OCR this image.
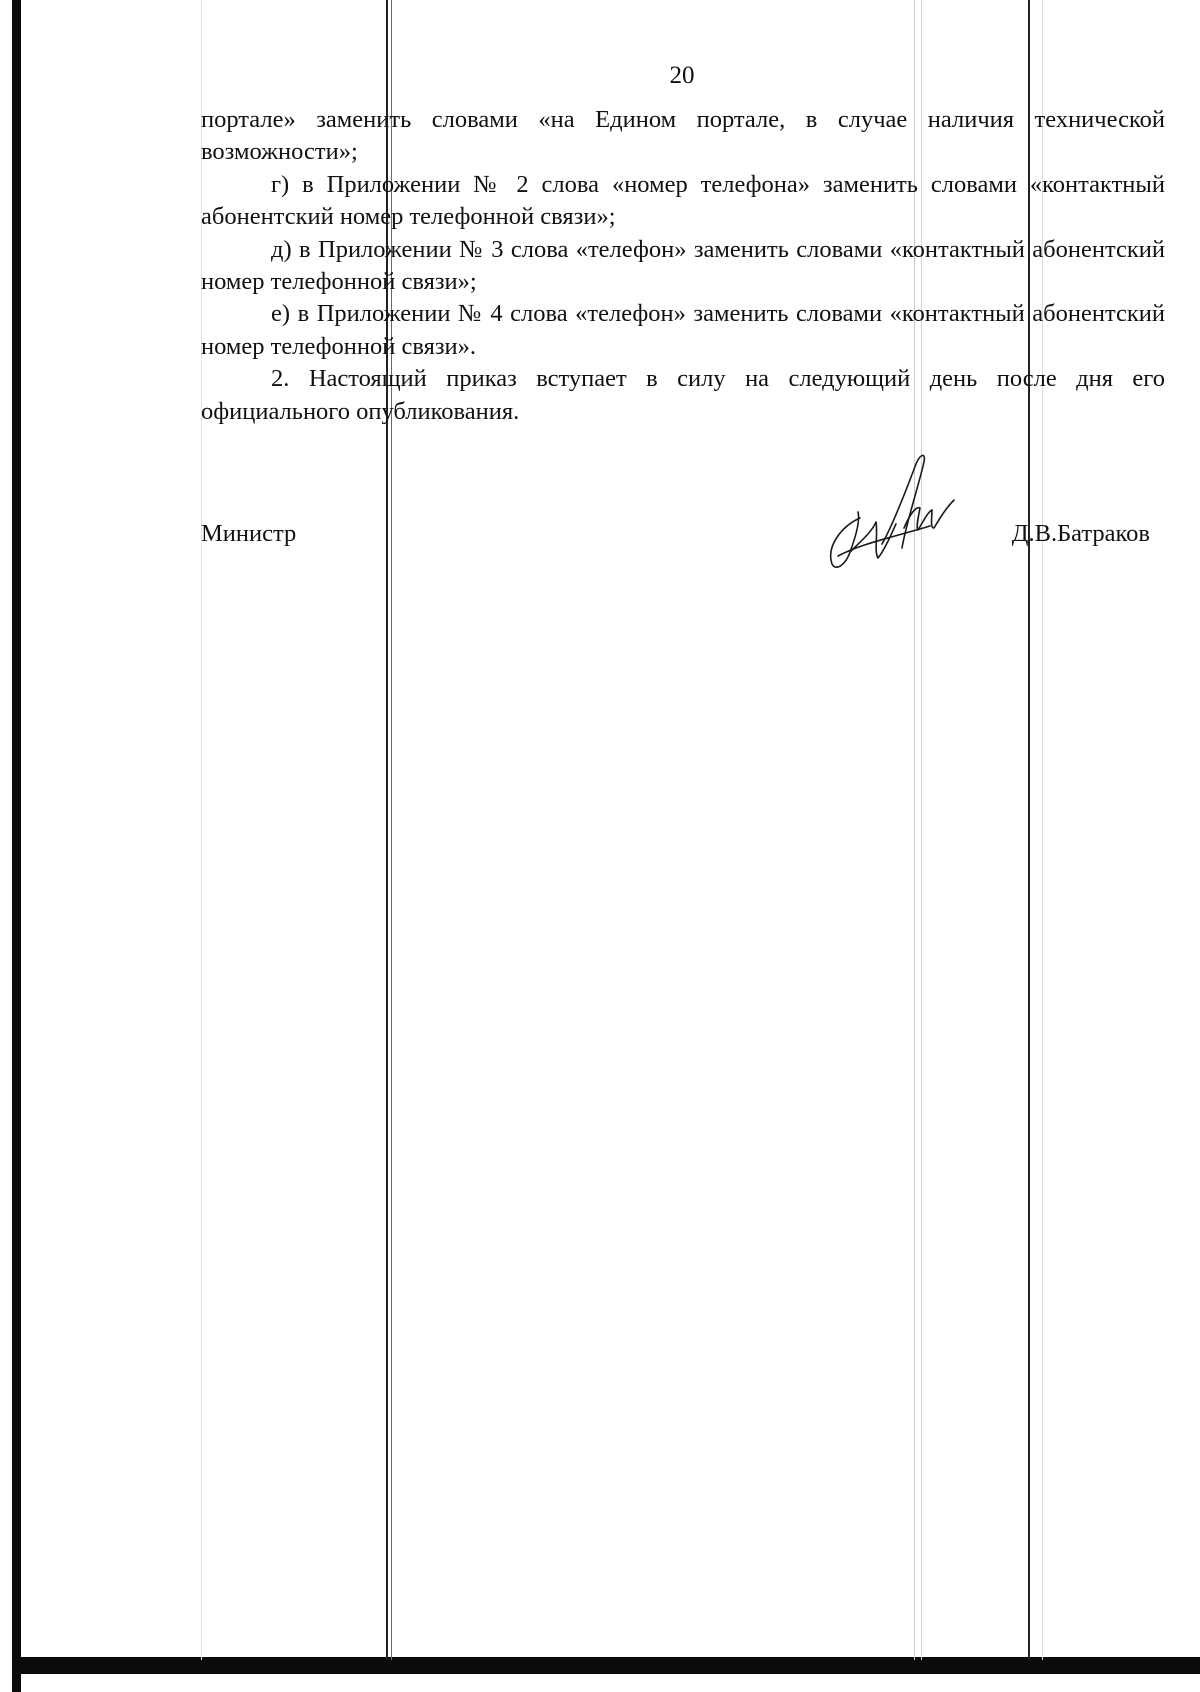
20

портале» заменить словами «на Едином портале, в случае наличия технической возможности»;

г) в Приложении № 2 слова «номер телефона» заменить словами «контактный абонентский номер телефонной связи»;

д) в Приложении № 3 слова «телефон» заменить словами «контактный абонентский номер телефонной связи»;

е) в Приложении № 4 слова «телефон» заменить словами «контактный абонентский номер телефонной связи».

2. Настоящий приказ вступает в силу на следующий день после дня его официального опубликования.

Министр	Д.В.Батраков
